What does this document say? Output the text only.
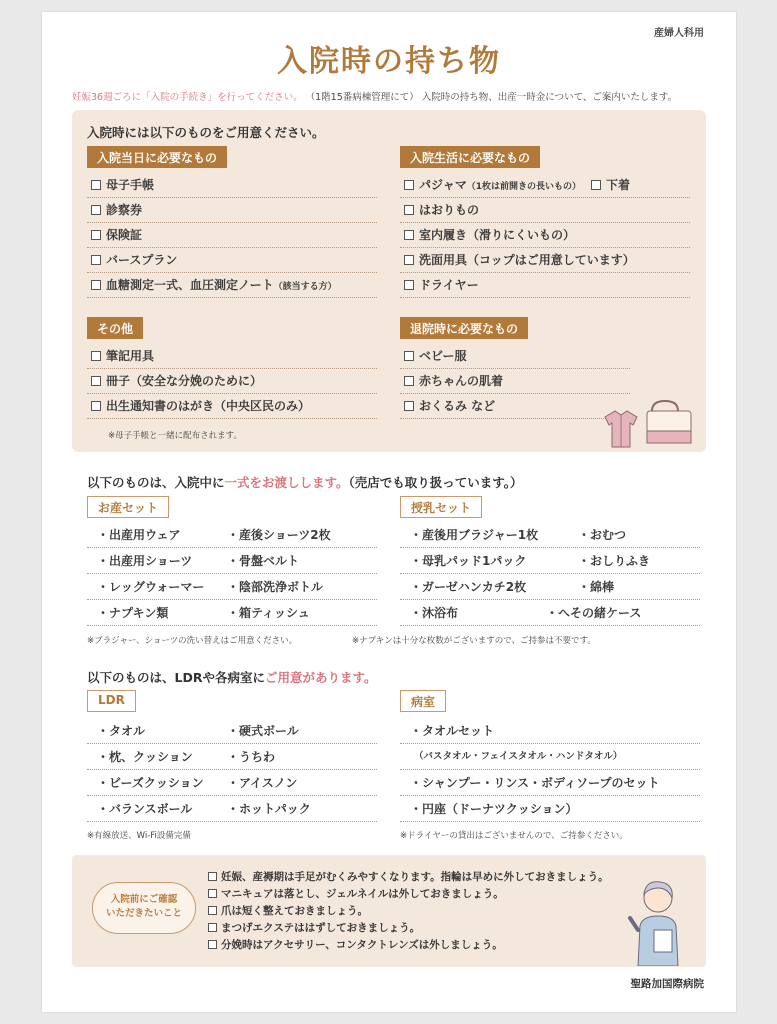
産婦人科用
入院時の持ち物
妊娠36週ごろに「入院の手続き」を行ってください。 （1階15番病棟管理にて） 入院時の持ち物、出産一時金について、ご案内いたします。
入院時には以下のものをご用意ください。
入院当日に必要なもの
母子手帳
診察券
保険証
バースプラン
血糖測定一式、血圧測定ノート（該当する方）
入院生活に必要なもの
パジャマ（1枚は前開きの長いもの） 下着
はおりもの
室内履き（滑りにくいもの）
洗面用具（コップはご用意しています）
ドライヤー
その他
筆記用具
冊子（安全な分娩のために）
出生通知書のはがき（中央区民のみ）
※母子手帳と一緒に配布されます。
退院時に必要なもの
ベビー服
赤ちゃんの肌着
おくるみ など
以下のものは、入院中に一式をお渡しします。（売店でも取り扱っています。）
お産セット
・出産用ウェア	・産後ショーツ2枚
・出産用ショーツ	・骨盤ベルト
・レッグウォーマー ・陰部洗浄ボトル
・ナプキン類	・箱ティッシュ
※ブラジャー、ショーツの洗い替えはご用意ください。
授乳セット
・産後用ブラジャー1枚	・おむつ
・母乳パッド1パック	・おしりふき
・ガーゼハンカチ2枚	・綿棒
・沐浴布	・へその緒ケース
※ナプキンは十分な枚数がございますので、ご持参は不要です。
以下のものは、LDRや各病室にご用意があります。
LDR
・タオル	・硬式ボール
・枕、クッション	・うちわ
・ビーズクッション ・アイスノン
・バランスボール	・ホットパック
※有線放送、Wi-Fi設備完備
病室
・タオルセット
（バスタオル・フェイスタオル・ハンドタオル）
・シャンプー・リンス・ボディソープのセット
・円座（ドーナツクッション）
※ドライヤーの貸出はございませんので、ご持参ください。
入院前にご確認
いただきたいこと
妊娠、産褥期は手足がむくみやすくなります。指輪は早めに外しておきましょう。
マニキュアは落とし、ジェルネイルは外しておきましょう。
爪は短く整えておきましょう。
まつげエクステははずしておきましょう。
分娩時はアクセサリー、コンタクトレンズは外しましょう。
聖路加国際病院
